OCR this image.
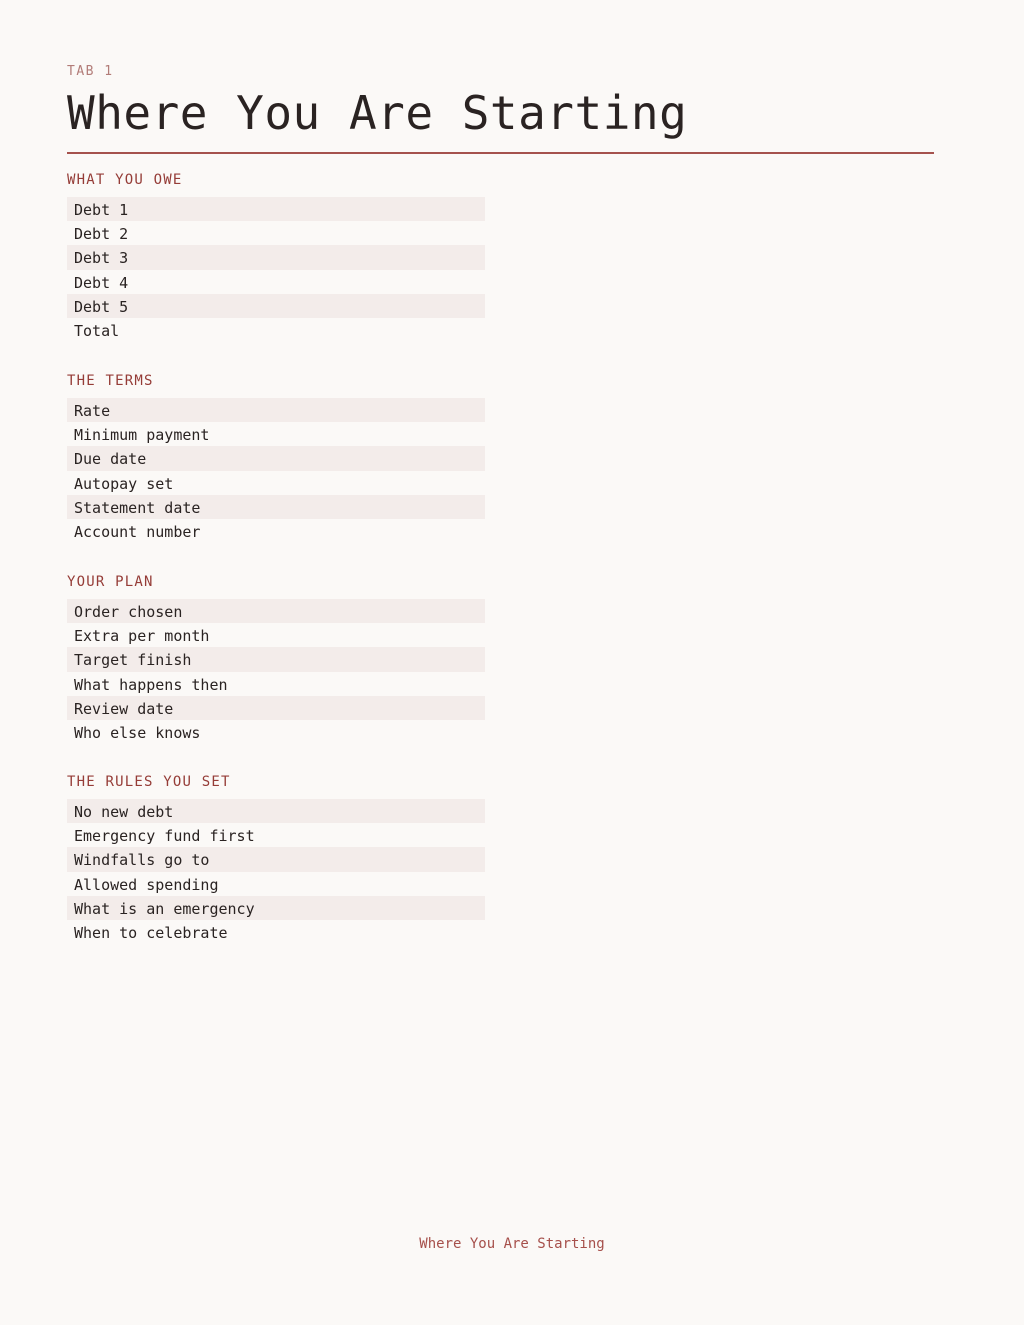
TAB 1
Where You Are Starting
WHAT YOU OWE
Debt 1
Debt 2
Debt 3
Debt 4
Debt 5
Total
THE TERMS
Rate
Minimum payment
Due date
Autopay set
Statement date
Account number
YOUR PLAN
Order chosen
Extra per month
Target finish
What happens then
Review date
Who else knows
THE RULES YOU SET
No new debt
Emergency fund first
Windfalls go to
Allowed spending
What is an emergency
When to celebrate
Where You Are Starting
